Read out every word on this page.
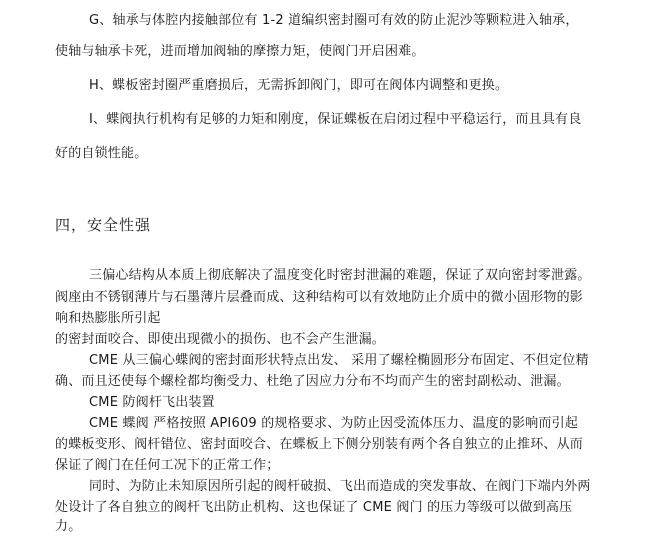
G、轴承与体腔内接触部位有 1-2 道编织密封圈可有效的防止泥沙等颗粒进入轴承，
使轴与轴承卡死，进而增加阀轴的摩擦力矩，使阀门开启困难。
H、蝶板密封圈严重磨损后，无需拆卸阀门，即可在阀体内调整和更换。
I、蝶阀执行机构有足够的力矩和刚度，保证蝶板在启闭过程中平稳运行，而且具有良
好的自锁性能。
四，安全性强
三偏心结构从本质上彻底解决了温度变化时密封泄漏的难题，保证了双向密封零泄露。
阀座由不锈钢薄片与石墨薄片层叠而成、这种结构可以有效地防止介质中的微小固形物的影
响和热膨胀所引起
的密封面咬合、即使出现微小的损伤、也不会产生泄漏。
CME 从三偏心蝶阀的密封面形状特点出发、 采用了螺栓椭圆形分布固定、不但定位精
确、而且还使每个螺栓都均衡受力、杜绝了因应力分布不均而产生的密封副松动、泄漏。
CME 防阀杆飞出装置
CME 蝶阀 严格按照 API609 的规格要求、为防止因受流体压力、温度的影响而引起
的蝶板变形、阀杆错位、密封面咬合、在蝶板上下侧分别装有两个各自独立的止推环、从而
保证了阀门在任何工况下的正常工作；
同时、为防止未知原因所引起的阀杆破损、飞出而造成的突发事故、在阀门下端内外两
处设计了各自独立的阀杆飞出防止机构、这也保证了 CME 阀门 的压力等级可以做到高压
力。
